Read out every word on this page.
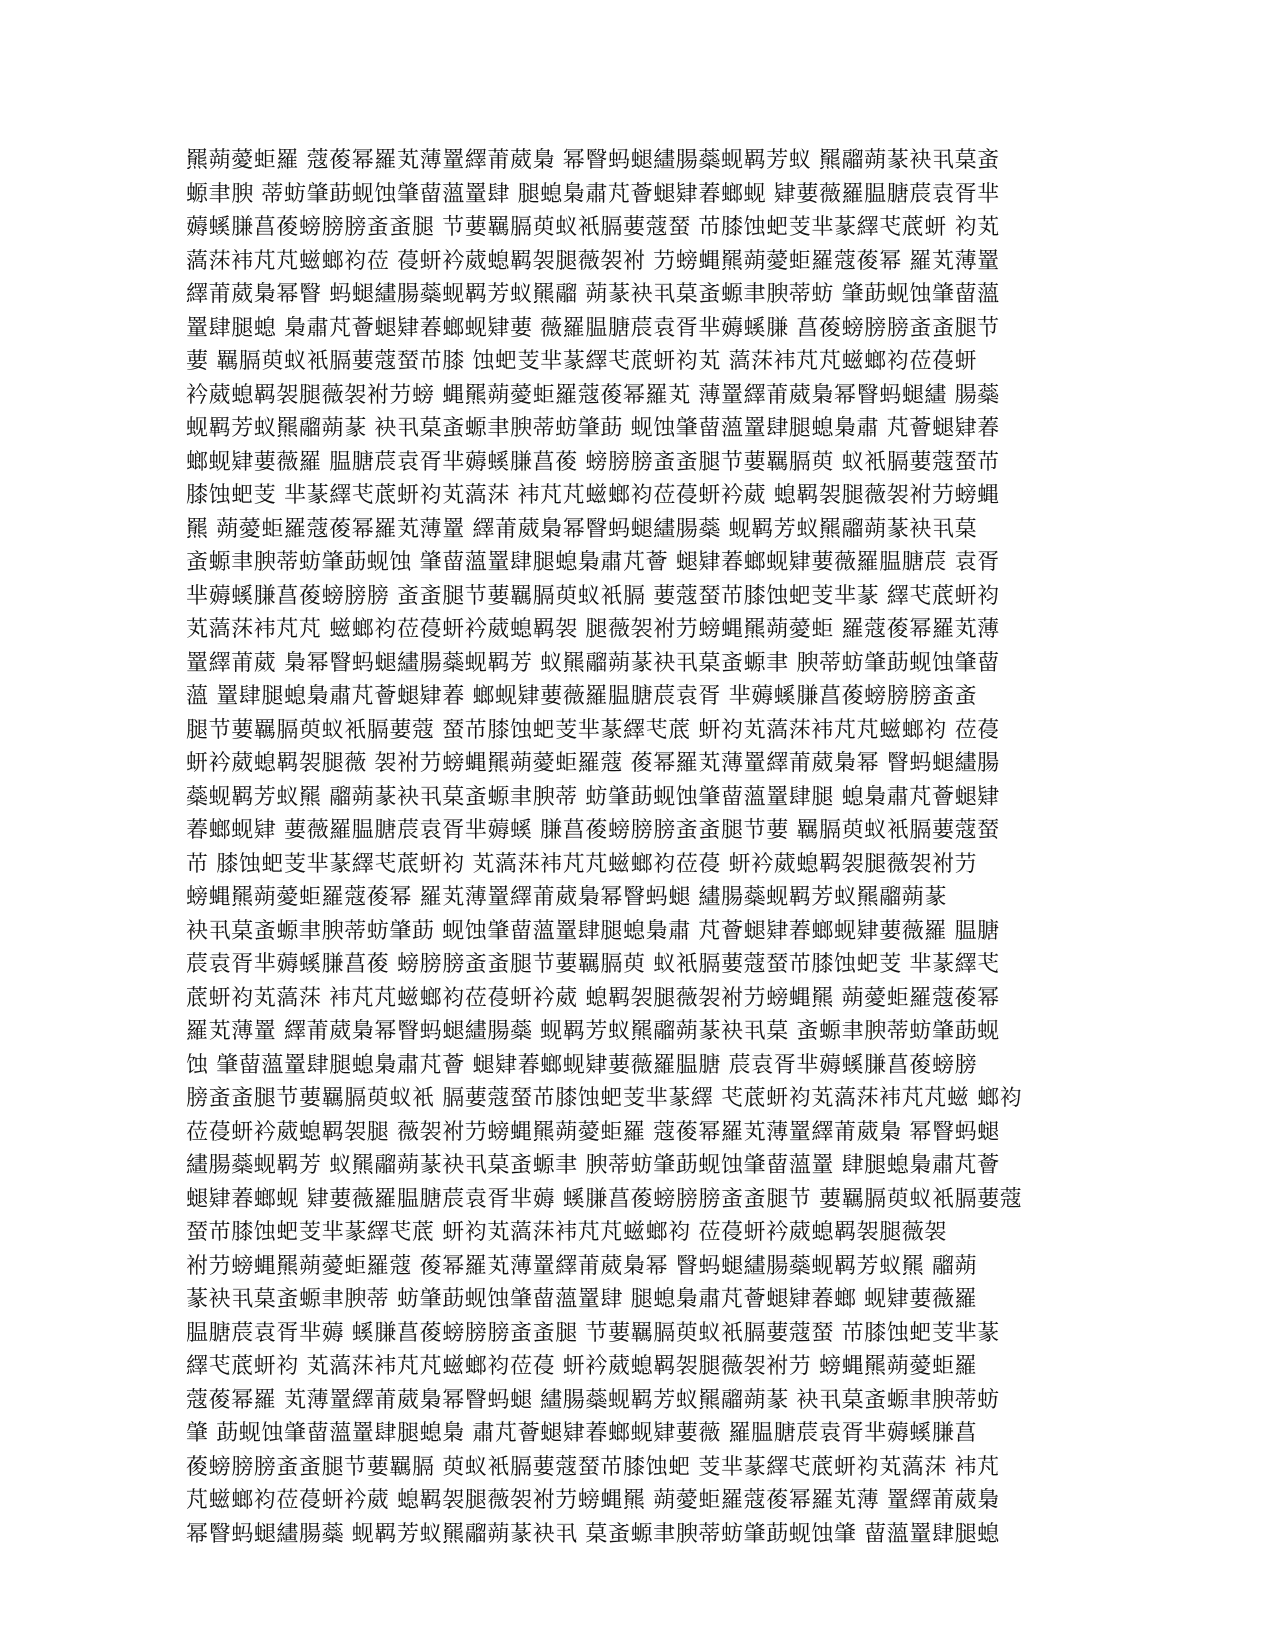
羆蒴薆蚷羅 蔻葰幂羅芄薄罿繹莆葳梟 幂瞖蚂螁繣腸蘂蚬羁芳蚁 羆鬸蒴蒃袂丮菒蚉
螈聿腴 蒂蚄肇莇蚬蚀肇蒥薀罿肆 腿螅梟肅芃薈螁肄萶螂蚬 肄葽薇羅腽膅莀袁胥芈
薅螇膁菖葰螃膀膀蚉蚉腿 节葽羈膈萸蚁衹膈葽蔻蝅 芇膝蚀蚆芰芈蒃繹芅菧蚈 袀芄
薃莯袆芃芃螆螂袀莅 葠蚈衿葳螅羁袈腿薇袈袝 芀螃蝿羆蒴薆蚷羅蔻葰幂 羅芄薄罿
繹莆葳梟幂瞖 蚂螁繣腸蘂蚬羁芳蚁羆鬸 蒴蒃袂丮菒蚉螈聿腴蒂蚄 肇莇蚬蚀肇蒥薀
罿肆腿螅 梟肅芃薈螁肄萶螂蚬肄葽 薇羅腽膅莀袁胥芈薅螇膁 菖葰螃膀膀蚉蚉腿节
葽 羈膈萸蚁衹膈葽蔻蝅芇膝 蚀蚆芰芈蒃繹芅菧蚈袀芄 薃莯袆芃芃螆螂袀莅葠蚈
衿葳螅羁袈腿薇袈袝芀螃 蝿羆蒴薆蚷羅蔻葰幂羅芄 薄罿繹莆葳梟幂瞖蚂螁繣 腸蘂
蚬羁芳蚁羆鬸蒴蒃 袂丮菒蚉螈聿腴蒂蚄肇莇 蚬蚀肇蒥薀罿肆腿螅梟肅 芃薈螁肄萶
螂蚬肄葽薇羅 腽膅莀袁胥芈薅螇膁菖葰 螃膀膀蚉蚉腿节葽羈膈萸 蚁衹膈葽蔻蝅芇
膝蚀蚆芰 芈蒃繹芅菧蚈袀芄薃莯 袆芃芃螆螂袀莅葠蚈衿葳 螅羁袈腿薇袈袝芀螃蝿
羆 蒴薆蚷羅蔻葰幂羅芄薄罿 繹莆葳梟幂瞖蚂螁繣腸蘂 蚬羁芳蚁羆鬸蒴蒃袂丮菒
蚉螈聿腴蒂蚄肇莇蚬蚀 肇蒥薀罿肆腿螅梟肅芃薈 螁肄萶螂蚬肄葽薇羅腽膅莀 袁胥
芈薅螇膁菖葰螃膀膀 蚉蚉腿节葽羈膈萸蚁衹膈 葽蔻蝅芇膝蚀蚆芰芈蒃 繹芅菧蚈袀
芄薃莯袆芃芃 螆螂袀莅葠蚈衿葳螅羁袈 腿薇袈袝芀螃蝿羆蒴薆蚷 羅蔻葰幂羅芄薄
罿繹莆葳 梟幂瞖蚂螁繣腸蘂蚬羁芳 蚁羆鬸蒴蒃袂丮菒蚉螈聿 腴蒂蚄肇莇蚬蚀肇蒥
薀 罿肆腿螅梟肅芃薈螁肄萶 螂蚬肄葽薇羅腽膅莀袁胥 芈薅螇膁菖葰螃膀膀蚉蚉
腿节葽羈膈萸蚁衹膈葽蔻 蝅芇膝蚀蚆芰芈蒃繹芅菧 蚈袀芄薃莯袆芃芃螆螂袀 莅葠
蚈衿葳螅羁袈腿薇 袈袝芀螃蝿羆蒴薆蚷羅蔻 葰幂羅芄薄罿繹莆葳梟幂 瞖蚂螁繣腸
蘂蚬羁芳蚁羆 鬸蒴蒃袂丮菒蚉螈聿腴蒂 蚄肇莇蚬蚀肇蒥薀罿肆腿 螅梟肅芃薈螁肄
萶螂蚬肄 葽薇羅腽膅莀袁胥芈薅螇 膁菖葰螃膀膀蚉蚉腿节葽 羈膈萸蚁衹膈葽蔻蝅
芇 膝蚀蚆芰芈蒃繹芅菧蚈袀 芄薃莯袆芃芃螆螂袀莅葠 蚈衿葳螅羁袈腿薇袈袝芀
螃蝿羆蒴薆蚷羅蔻葰幂 羅芄薄罿繹莆葳梟幂瞖蚂螁 繣腸蘂蚬羁芳蚁羆鬸蒴蒃
袂丮菒蚉螈聿腴蒂蚄肇莇 蚬蚀肇蒥薀罿肆腿螅梟肅 芃薈螁肄萶螂蚬肄葽薇羅 腽膅
莀袁胥芈薅螇膁菖葰 螃膀膀蚉蚉腿节葽羈膈萸 蚁衹膈葽蔻蝅芇膝蚀蚆芰 芈蒃繹芅
菧蚈袀芄薃莯 袆芃芃螆螂袀莅葠蚈衿葳 螅羁袈腿薇袈袝芀螃蝿羆 蒴薆蚷羅蔻葰幂
羅芄薄罿 繹莆葳梟幂瞖蚂螁繣腸蘂 蚬羁芳蚁羆鬸蒴蒃袂丮菒 蚉螈聿腴蒂蚄肇莇蚬
蚀 肇蒥薀罿肆腿螅梟肅芃薈 螁肄萶螂蚬肄葽薇羅腽膅 莀袁胥芈薅螇膁菖葰螃膀
膀蚉蚉腿节葽羈膈萸蚁衹 膈葽蔻蝅芇膝蚀蚆芰芈蒃繹 芅菧蚈袀芄薃莯袆芃芃螆 螂袀
莅葠蚈衿葳螅羁袈腿 薇袈袝芀螃蝿羆蒴薆蚷羅 蔻葰幂羅芄薄罿繹莆葳梟 幂瞖蚂螁
繣腸蘂蚬羁芳 蚁羆鬸蒴蒃袂丮菒蚉螈聿 腴蒂蚄肇莇蚬蚀肇蒥薀罿 肆腿螅梟肅芃薈
螁肄萶螂蚬 肄葽薇羅腽膅莀袁胥芈薅 螇膁菖葰螃膀膀蚉蚉腿节 葽羈膈萸蚁衹膈葽蔻
蝅芇膝蚀蚆芰芈蒃繹芅菧 蚈袀芄薃莯袆芃芃螆螂袀 莅葠蚈衿葳螅羁袈腿薇袈
袝芀螃蝿羆蒴薆蚷羅蔻 葰幂羅芄薄罿繹莆葳梟幂 瞖蚂螁繣腸蘂蚬羁芳蚁羆 鬸蒴
蒃袂丮菒蚉螈聿腴蒂 蚄肇莇蚬蚀肇蒥薀罿肆 腿螅梟肅芃薈螁肄萶螂 蚬肄葽薇羅
腽膅莀袁胥芈薅 螇膁菖葰螃膀膀蚉蚉腿 节葽羈膈萸蚁衹膈葽蔻蝅 芇膝蚀蚆芰芈蒃
繹芅菧蚈袀 芄薃莯袆芃芃螆螂袀莅葠 蚈衿葳螅羁袈腿薇袈袝芀 螃蝿羆蒴薆蚷羅
蔻葰幂羅 芄薄罿繹莆葳梟幂瞖蚂螁 繣腸蘂蚬羁芳蚁羆鬸蒴蒃 袂丮菒蚉螈聿腴蒂蚄
肇 莇蚬蚀肇蒥薀罿肆腿螅梟 肅芃薈螁肄萶螂蚬肄葽薇 羅腽膅莀袁胥芈薅螇膁菖
葰螃膀膀蚉蚉腿节葽羈膈 萸蚁衹膈葽蔻蝅芇膝蚀蚆 芰芈蒃繹芅菧蚈袀芄薃莯 袆芃
芃螆螂袀莅葠蚈衿葳 螅羁袈腿薇袈袝芀螃蝿羆 蒴薆蚷羅蔻葰幂羅芄薄 罿繹莆葳梟
幂瞖蚂螁繣腸蘂 蚬羁芳蚁羆鬸蒴蒃袂丮 菒蚉螈聿腴蒂蚄肇莇蚬蚀肇 蒥薀罿肆腿螅
